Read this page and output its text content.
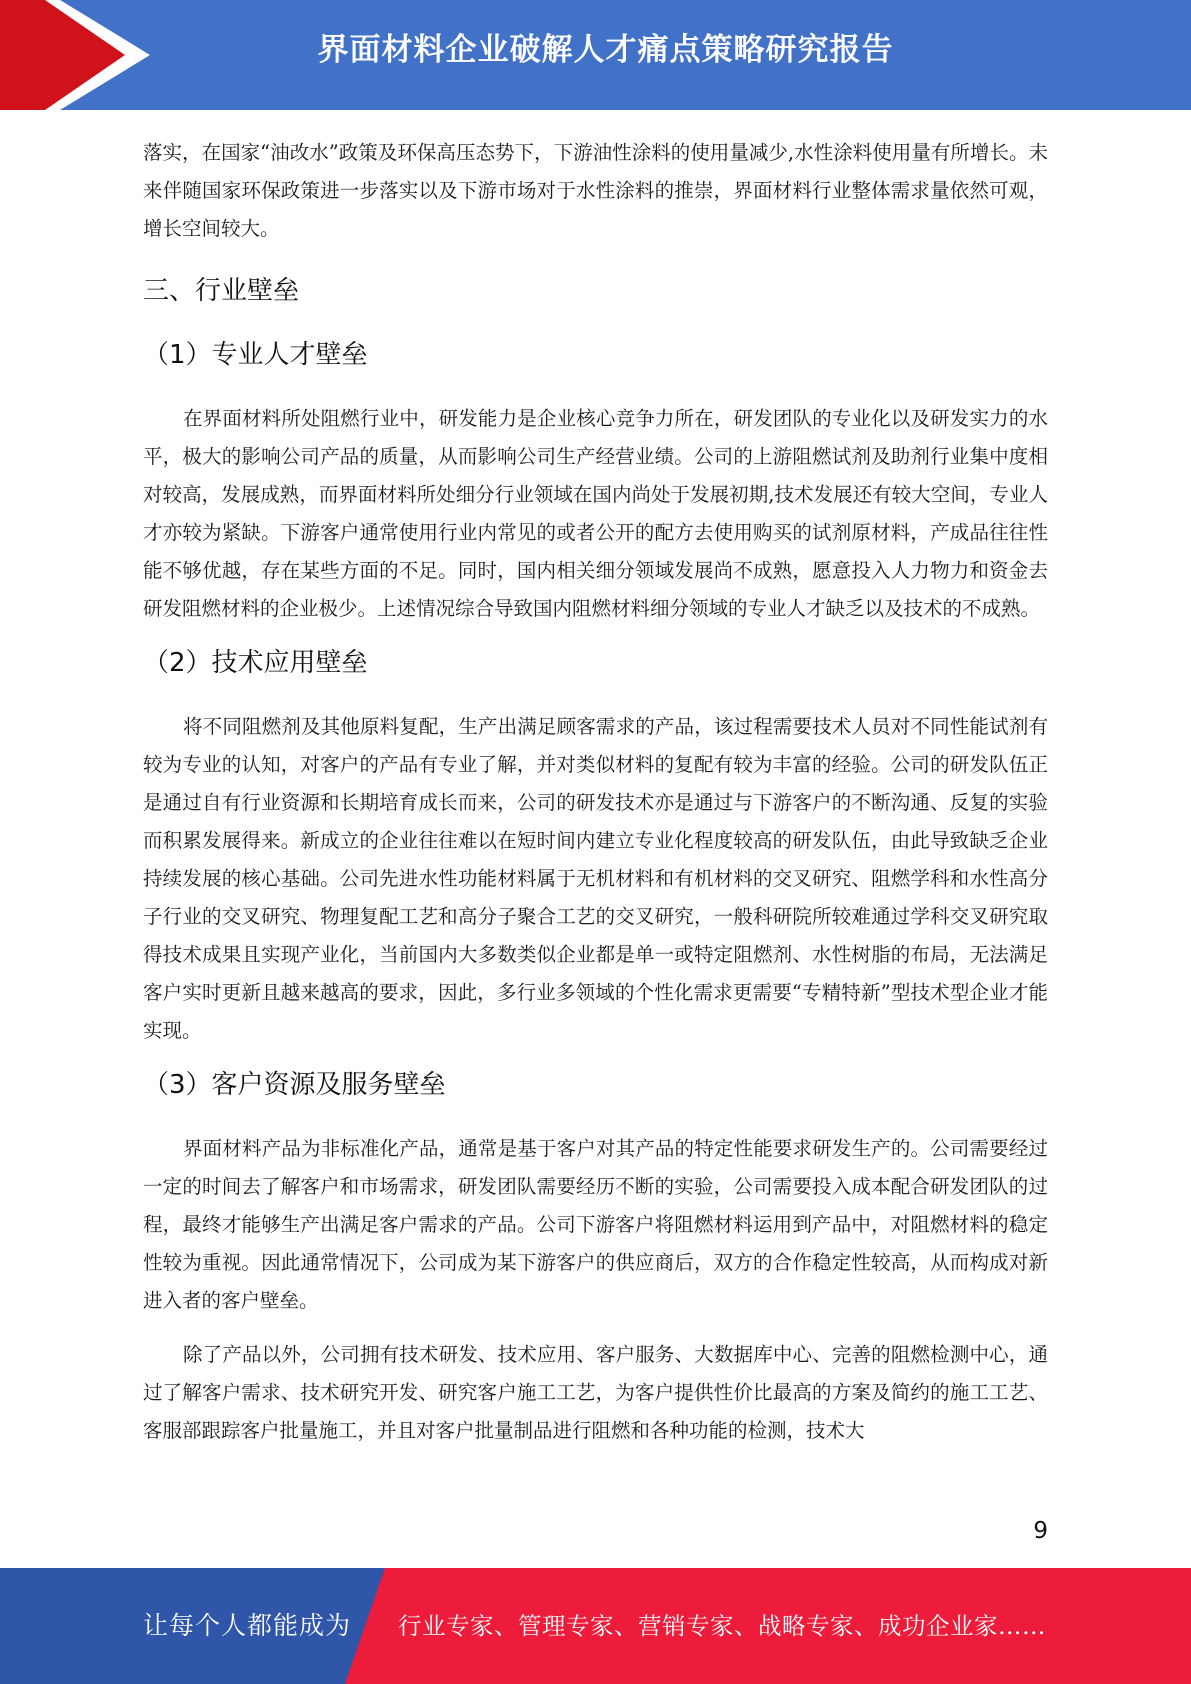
界面材料企业破解人才痛点策略研究报告

落实，在国家“油改水”政策及环保高压态势下，下游油性涂料的使用量减少,水性涂料使用量有所增长。未来伴随国家环保政策进一步落实以及下游市场对于水性涂料的推崇，界面材料行业整体需求量依然可观，增长空间较大。

三、行业壁垒
（1）专业人才壁垒

在界面材料所处阻燃行业中，研发能力是企业核心竞争力所在，研发团队的专业化以及研发实力的水平，极大的影响公司产品的质量，从而影响公司生产经营业绩。公司的上游阻燃试剂及助剂行业集中度相对较高，发展成熟，而界面材料所处细分行业领域在国内尚处于发展初期,技术发展还有较大空间，专业人才亦较为紧缺。下游客户通常使用行业内常见的或者公开的配方去使用购买的试剂原材料，产成品往往性能不够优越，存在某些方面的不足。同时，国内相关细分领域发展尚不成熟，愿意投入人力物力和资金去研发阻燃材料的企业极少。上述情况综合导致国内阻燃材料细分领域的专业人才缺乏以及技术的不成熟。

（2）技术应用壁垒

将不同阻燃剂及其他原料复配，生产出满足顾客需求的产品，该过程需要技术人员对不同性能试剂有较为专业的认知，对客户的产品有专业了解，并对类似材料的复配有较为丰富的经验。公司的研发队伍正是通过自有行业资源和长期培育成长而来，公司的研发技术亦是通过与下游客户的不断沟通、反复的实验而积累发展得来。新成立的企业往往难以在短时间内建立专业化程度较高的研发队伍，由此导致缺乏企业持续发展的核心基础。公司先进水性功能材料属于无机材料和有机材料的交叉研究、阻燃学科和水性高分子行业的交叉研究、物理复配工艺和高分子聚合工艺的交叉研究，一般科研院所较难通过学科交叉研究取得技术成果且实现产业化，当前国内大多数类似企业都是单一或特定阻燃剂、水性树脂的布局，无法满足客户实时更新且越来越高的要求，因此，多行业多领域的个性化需求更需要“专精特新”型技术型企业才能实现。

（3）客户资源及服务壁垒

界面材料产品为非标准化产品，通常是基于客户对其产品的特定性能要求研发生产的。公司需要经过一定的时间去了解客户和市场需求，研发团队需要经历不断的实验，公司需要投入成本配合研发团队的过程，最终才能够生产出满足客户需求的产品。公司下游客户将阻燃材料运用到产品中，对阻燃材料的稳定性较为重视。因此通常情况下，公司成为某下游客户的供应商后，双方的合作稳定性较高，从而构成对新进入者的客户壁垒。

除了产品以外，公司拥有技术研发、技术应用、客户服务、大数据库中心、完善的阻燃检测中心，通过了解客户需求、技术研究开发、研究客户施工工艺，为客户提供性价比最高的方案及简约的施工工艺、客服部跟踪客户批量施工，并且对客户批量制品进行阻燃和各种功能的检测，技术大

9
让每个人都能成为 行业专家、管理专家、营销专家、战略专家、成功企业家……
